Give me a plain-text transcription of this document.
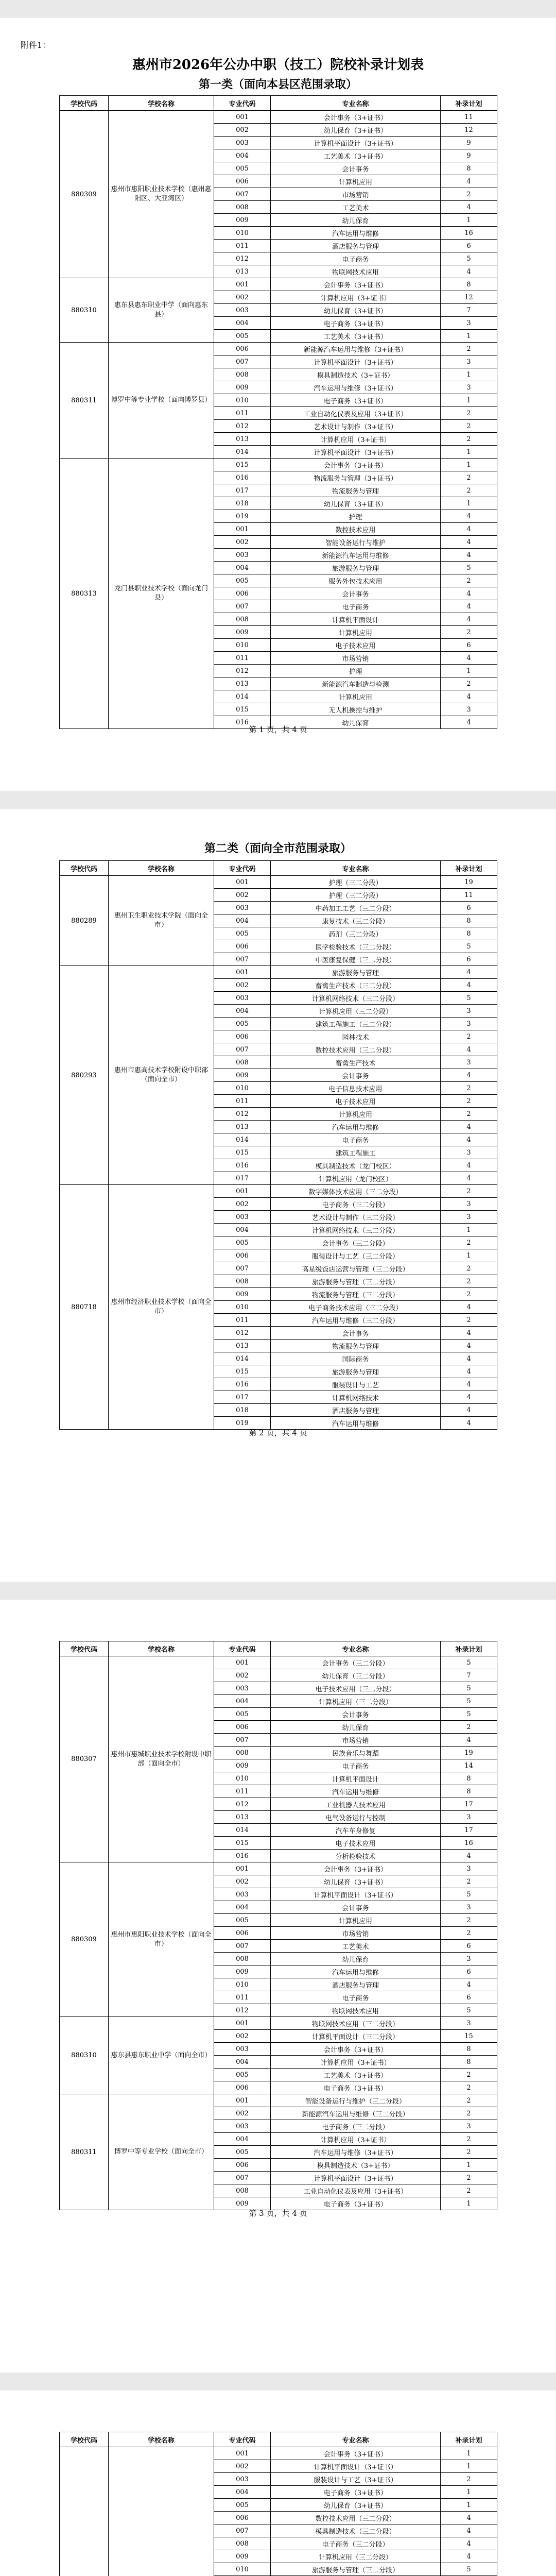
附件1：
惠州市2026年公办中职（技工）院校补录计划表
第一类（面向本县区范围录取）
学校代码	学校名称	专业代码	专业名称	补录计划
880309	惠州市惠阳职业技术学校（惠州惠阳区、大亚湾区）	001	会计事务（3+证书）	11
		002	幼儿保育（3+证书）	12
		003	计算机平面设计（3+证书）	9
		004	工艺美术（3+证书）	9
		005	会计事务	8
		006	计算机应用	4
		007	市场营销	2
		008	工艺美术	4
		009	幼儿保育	1
		010	汽车运用与维修	16
		011	酒店服务与管理	6
		012	电子商务	5
		013	物联网技术应用	4
880310	惠东县惠东职业中学（面向惠东县）	001	会计事务（3+证书）	8
		002	计算机应用（3+证书）	12
		003	幼儿保育（3+证书）	7
		004	电子商务（3+证书）	3
		005	工艺美术（3+证书）	1
880311	博罗中等专业学校（面向博罗县）	006	新能源汽车运用与维修（3+证书）	2
		007	计算机平面设计（3+证书）	3
		008	模具制造技术（3+证书）	1
		009	汽车运用与维修（3+证书）	3
		010	电子商务（3+证书）	1
		011	工业自动化仪表及应用（3+证书）	2
		012	艺术设计与制作（3+证书）	2
		013	计算机应用（3+证书）	2
		014	计算机平面设计（3+证书）	1
880313	龙门县职业技术学校（面向龙门县）	015	会计事务（3+证书）	1
		016	物流服务与管理（3+证书）	2
		017	物流服务与管理	2
		018	幼儿保育（3+证书）	1
		019	护理	4
		001	数控技术应用	4
		002	智能设备运行与维护	4
		003	新能源汽车运用与维修	4
		004	旅游服务与管理	5
		005	服务外包技术应用	2
		006	会计事务	4
		007	电子商务	4
		008	计算机平面设计	4
		009	计算机应用	2
		010	电子技术应用	6
		011	市场营销	4
		012	护理	1
		013	新能源汽车制造与检测	2
		014	计算机应用	4
		015	无人机操控与维护	3
		016	幼儿保育	4
第 1 页，共 4 页
第二类（面向全市范围录取）
学校代码	学校名称	专业代码	专业名称	补录计划
880289	惠州卫生职业技术学院（面向全市）	001	护理（三二分段）	19
		002	护理（三二分段）	11
		003	中药加工工艺（三二分段）	6
		004	康复技术（三二分段）	8
		005	药剂（三二分段）	8
		006	医学检验技术（三二分段）	5
		007	中医康复保健（三二分段）	6
880293	惠州市惠高技术学校附设中职部（面向全市）	001	旅游服务与管理	4
		002	畜禽生产技术（三二分段）	4
		003	计算机网络技术（三二分段）	5
		004	计算机应用（三二分段）	3
		005	建筑工程施工（三二分段）	3
		006	园林技术	2
		007	数控技术应用（三二分段）	4
		008	畜禽生产技术	3
		009	会计事务	4
		010	电子信息技术应用	2
		011	电子技术应用	2
		012	计算机应用	2
		013	汽车运用与维修	4
		014	电子商务	4
		015	建筑工程施工	3
		016	模具制造技术（龙门校区）	4
		017	计算机应用（龙门校区）	4
880718	惠州市经济职业技术学校（面向全市）	001	数字媒体技术应用（三二分段）	2
		002	电子商务（三二分段）	3
		003	艺术设计与制作（三二分段）	3
		004	计算机网络技术（三二分段）	1
		005	会计事务（三二分段）	2
		006	服装设计与工艺（三二分段）	1
		007	高星级饭店运营与管理（三二分段）	2
		008	旅游服务与管理（三二分段）	2
		009	物流服务与管理（三二分段）	2
		010	电子商务技术应用（三二分段）	4
		011	汽车运用与维修（三二分段）	2
		012	会计事务	4
		013	物流服务与管理	4
		014	国际商务	4
		015	旅游服务与管理	4
		016	服装设计与工艺	4
		017	计算机网络技术	4
		018	酒店服务与管理	4
		019	汽车运用与维修	4
第 2 页，共 4 页
学校代码	学校名称	专业代码	专业名称	补录计划
880307	惠州市惠城职业技术学校附设中职部（面向全市）	001	会计事务（三二分段）	5
		002	幼儿保育（三二分段）	7
		003	电子技术应用（三二分段）	5
		004	计算机应用（三二分段）	5
		005	会计事务	5
		006	幼儿保育	2
		007	市场营销	4
		008	民族音乐与舞蹈	19
		009	电子商务	14
		010	计算机平面设计	8
		011	汽车运用与维修	8
		012	工业机器人技术应用	17
		013	电气设备运行与控制	3
		014	汽车车身修复	17
		015	电子技术应用	16
		016	分析检验技术	4
880309	惠州市惠阳职业技术学校（面向全市）	001	会计事务（3+证书）	3
		002	幼儿保育（3+证书）	2
		003	计算机平面设计（3+证书）	5
		004	会计事务	3
		005	计算机应用	2
		006	市场营销	2
		007	工艺美术	6
		008	幼儿保育	3
		009	汽车运用与维修	6
		010	酒店服务与管理	4
		011	电子商务	6
		012	物联网技术应用	5
880310	惠东县惠东职业中学（面向全市）	001	物联网技术应用（三二分段）	3
		002	计算机平面设计（三二分段）	15
		003	会计事务（3+证书）	8
		004	计算机应用（3+证书）	8
		005	工艺美术（3+证书）	2
		006	电子商务（3+证书）	2
880311	博罗中等专业学校（面向全市）	001	智能设备运行与维护（三二分段）	2
		002	新能源汽车运用与维修（三二分段）	2
		003	电子商务（三二分段）	3
		004	计算机应用（3+证书）	2
		005	汽车运用与维修（3+证书）	2
		006	模具制造技术（3+证书）	1
		007	计算机平面设计（3+证书）	2
		008	工业自动化仪表及应用（3+证书）	2
		009	电子商务（3+证书）	1
第 3 页，共 4 页
学校代码	学校名称	专业代码	专业名称	补录计划
		001	会计事务（3+证书）	1
		002	计算机平面设计（3+证书）	1
		003	服装设计与工艺（3+证书）	2
		004	电子商务（3+证书）	1
		005	幼儿保育（3+证书）	1
		006	数控技术应用（三二分段）	4
		007	模具制造技术（三二分段）	4
		008	电子商务（三二分段）	4
		009	计算机应用（三二分段）	4
		010	旅游服务与管理（三二分段）	5
